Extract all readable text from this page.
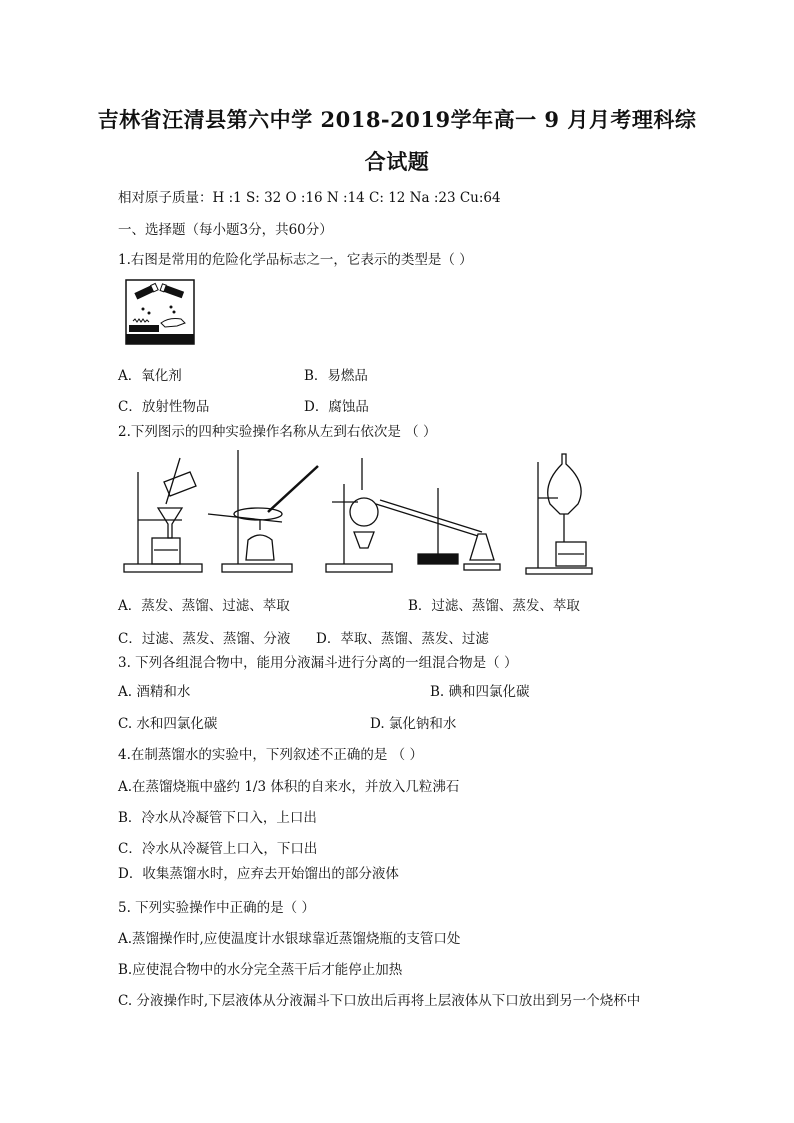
吉林省汪清县第六中学 2018-2019学年高一 9 月月考理科综
合试题
相对原子质量：H :1 S: 32 O :16 N :14 C: 12 Na :23 Cu:64
一、选择题（每小题3分，共60分）
1.右图是常用的危险化学品标志之一，它表示的类型是（ ）
A．氧化剂	B．易燃品
C．放射性物品	D．腐蚀品
2.下列图示的四种实验操作名称从左到右依次是 （ ）
A．蒸发、蒸馏、过滤、萃取	B．过滤、蒸馏、蒸发、萃取
C．过滤、蒸发、蒸馏、分液 D．萃取、蒸馏、蒸发、过滤
3. 下列各组混合物中，能用分液漏斗进行分离的一组混合物是（ ）
A. 酒精和水	B. 碘和四氯化碳
C. 水和四氯化碳	D. 氯化钠和水
4.在制蒸馏水的实验中，下列叙述不正确的是 （ ）
A.在蒸馏烧瓶中盛约 1/3 体积的自来水，并放入几粒沸石
B．冷水从冷凝管下口入，上口出
C．冷水从冷凝管上口入，下口出
D．收集蒸馏水时，应弃去开始馏出的部分液体
5. 下列实验操作中正确的是（ ）
A.蒸馏操作时,应使温度计水银球靠近蒸馏烧瓶的支管口处
B.应使混合物中的水分完全蒸干后才能停止加热
C. 分液操作时,下层液体从分液漏斗下口放出后再将上层液体从下口放出到另一个烧杯中
